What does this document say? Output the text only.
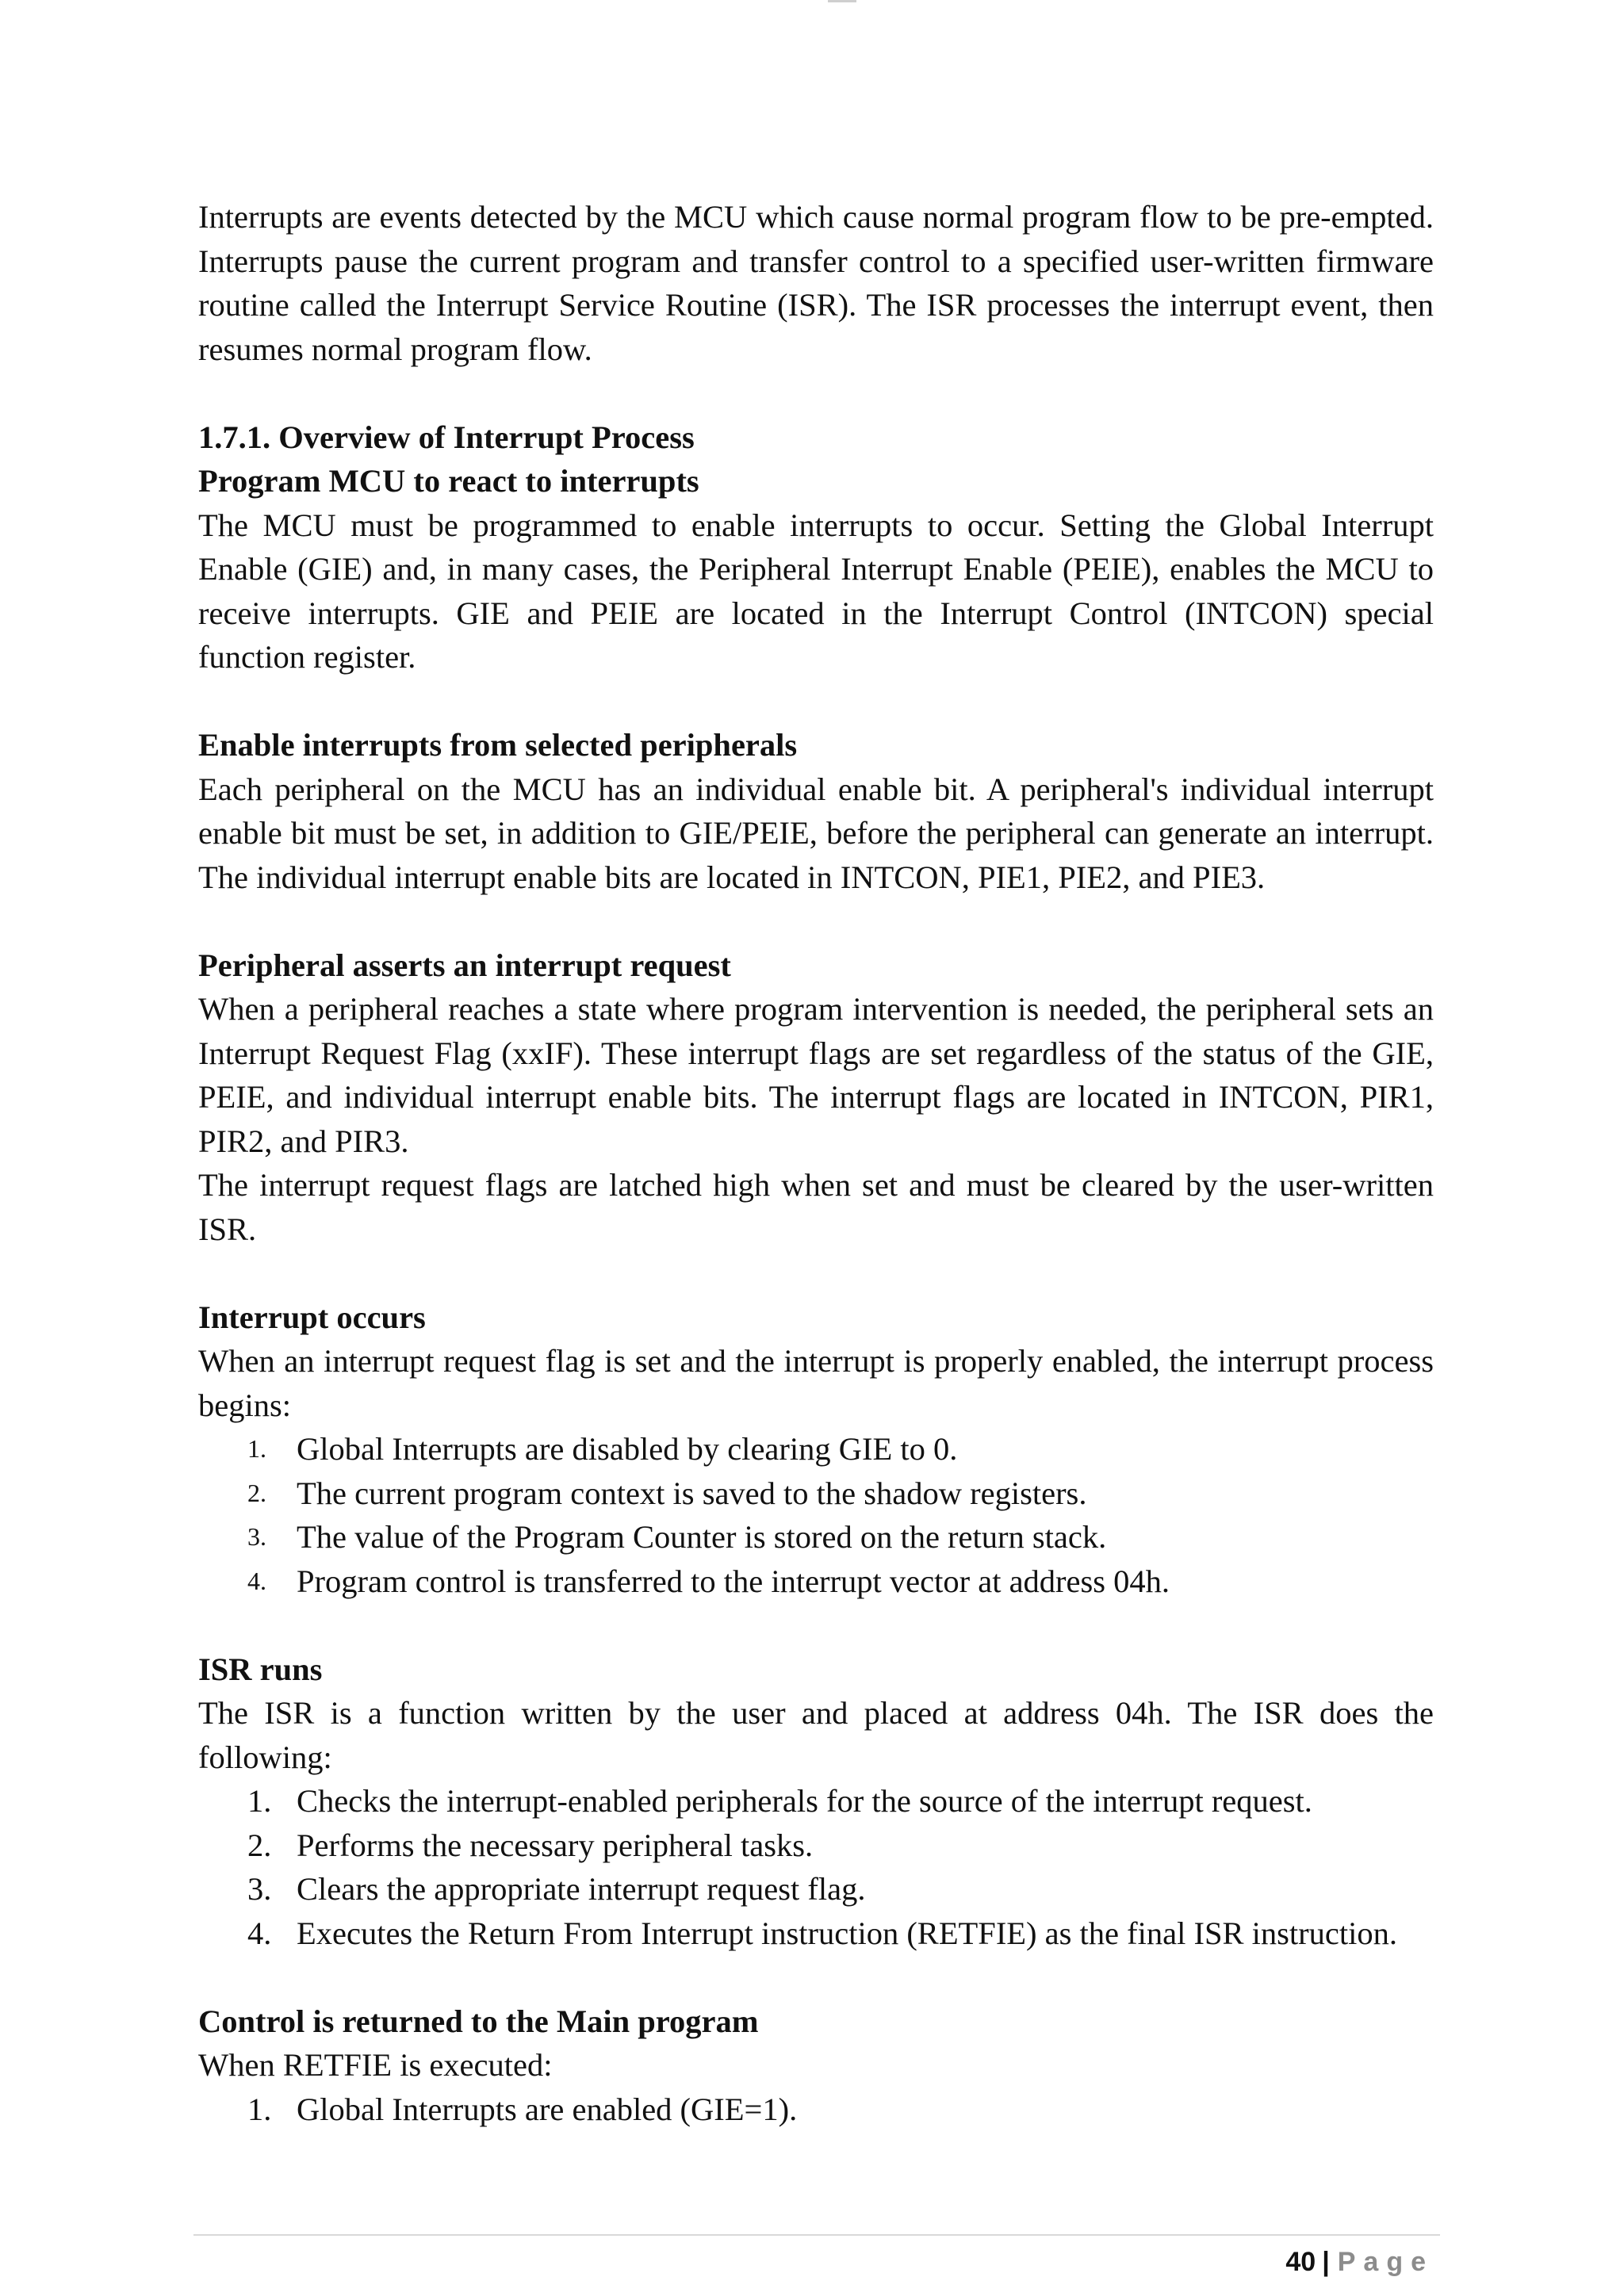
Interrupts are events detected by the MCU which cause normal program flow to be pre-empted. Interrupts pause the current program and transfer control to a specified user-written firmware routine called the Interrupt Service Routine (ISR). The ISR processes the interrupt event, then resumes normal program flow.

1.7.1. Overview of Interrupt Process

Program MCU to react to interrupts

The MCU must be programmed to enable interrupts to occur. Setting the Global Interrupt Enable (GIE) and, in many cases, the Peripheral Interrupt Enable (PEIE), enables the MCU to receive interrupts. GIE and PEIE are located in the Interrupt Control (INTCON) special function register.

Enable interrupts from selected peripherals

Each peripheral on the MCU has an individual enable bit. A peripheral's individual interrupt enable bit must be set, in addition to GIE/PEIE, before the peripheral can generate an interrupt. The individual interrupt enable bits are located in INTCON, PIE1, PIE2, and PIE3.

Peripheral asserts an interrupt request

When a peripheral reaches a state where program intervention is needed, the peripheral sets an Interrupt Request Flag (xxIF). These interrupt flags are set regardless of the status of the GIE, PEIE, and individual interrupt enable bits. The interrupt flags are located in INTCON, PIR1, PIR2, and PIR3.

The interrupt request flags are latched high when set and must be cleared by the user-written ISR.

Interrupt occurs

When an interrupt request flag is set and the interrupt is properly enabled, the interrupt process begins:

1. Global Interrupts are disabled by clearing GIE to 0.
2. The current program context is saved to the shadow registers.
3. The value of the Program Counter is stored on the return stack.
4. Program control is transferred to the interrupt vector at address 04h.

ISR runs

The ISR is a function written by the user and placed at address 04h. The ISR does the following:

1. Checks the interrupt-enabled peripherals for the source of the interrupt request.
2. Performs the necessary peripheral tasks.
3. Clears the appropriate interrupt request flag.
4. Executes the Return From Interrupt instruction (RETFIE) as the final ISR instruction.

Control is returned to the Main program

When RETFIE is executed:

1. Global Interrupts are enabled (GIE=1).
40 | Page
